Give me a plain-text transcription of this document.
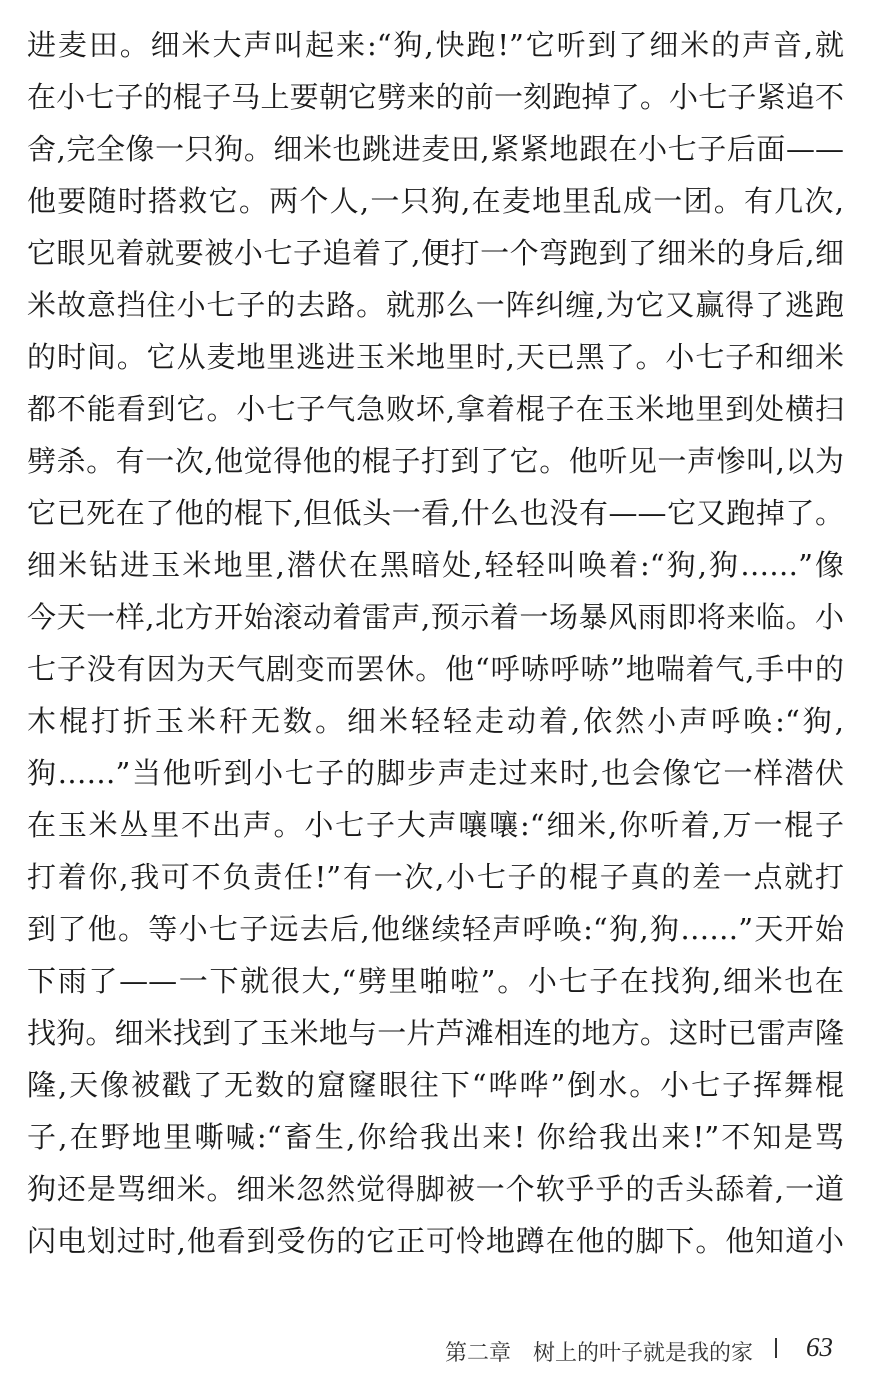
进麦田。细米大声叫起来:“狗,快跑!”它听到了细米的声音,就
在小七子的棍子马上要朝它劈来的前一刻跑掉了。小七子紧追不
舍,完全像一只狗。细米也跳进麦田,紧紧地跟在小七子后面——
他要随时搭救它。两个人,一只狗,在麦地里乱成一团。有几次,
它眼见着就要被小七子追着了,便打一个弯跑到了细米的身后,细
米故意挡住小七子的去路。就那么一阵纠缠,为它又赢得了逃跑
的时间。它从麦地里逃进玉米地里时,天已黑了。小七子和细米
都不能看到它。小七子气急败坏,拿着棍子在玉米地里到处横扫
劈杀。有一次,他觉得他的棍子打到了它。他听见一声惨叫,以为
它已死在了他的棍下,但低头一看,什么也没有——它又跑掉了。
细米钻进玉米地里,潜伏在黑暗处,轻轻叫唤着:“狗,狗……”像
今天一样,北方开始滚动着雷声,预示着一场暴风雨即将来临。小
七子没有因为天气剧变而罢休。他“呼哧呼哧”地喘着气,手中的
木棍打折玉米秆无数。细米轻轻走动着,依然小声呼唤:“狗,
狗……”当他听到小七子的脚步声走过来时,也会像它一样潜伏
在玉米丛里不出声。小七子大声嚷嚷:“细米,你听着,万一棍子
打着你,我可不负责任!”有一次,小七子的棍子真的差一点就打
到了他。等小七子远去后,他继续轻声呼唤:“狗,狗……”天开始
下雨了——一下就很大,“劈里啪啦”。小七子在找狗,细米也在
找狗。细米找到了玉米地与一片芦滩相连的地方。这时已雷声隆
隆,天像被戳了无数的窟窿眼往下“哗哗”倒水。小七子挥舞棍
子,在野地里嘶喊:“畜生,你给我出来! 你给我出来!”不知是骂
狗还是骂细米。细米忽然觉得脚被一个软乎乎的舌头舔着,一道
闪电划过时,他看到受伤的它正可怜地蹲在他的脚下。他知道小
第二章　树上的叶子就是我的家 63
